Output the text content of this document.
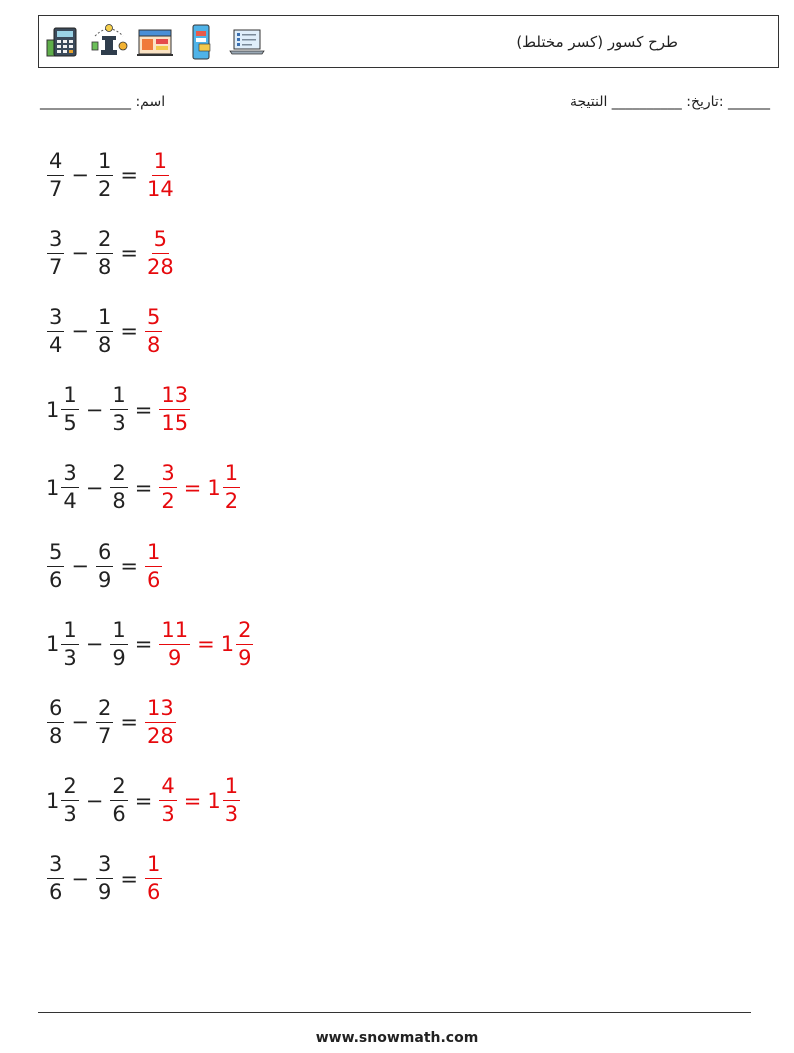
طرح كسور (كسر مختلط)
اسم: _____________	______ :تاريخ: __________ النتيجة
$\frac{4}{7} - \frac{1}{2} = \frac{1}{14}$
$\frac{3}{7} - \frac{2}{8} = \frac{5}{28}$
$\frac{3}{4} - \frac{1}{8} = \frac{5}{8}$
$1 \frac{1}{5} - \frac{1}{3} = \frac{13}{15}$
$1 \frac{3}{4} - \frac{2}{8} = \frac{3}{2} = 1 \frac{1}{2}$
$\frac{5}{6} - \frac{6}{9} = \frac{1}{6}$
$1 \frac{1}{3} - \frac{1}{9} = \frac{11}{9} = 1 \frac{2}{9}$
$\frac{6}{8} - \frac{2}{7} = \frac{13}{28}$
$1 \frac{2}{3} - \frac{2}{6} = \frac{4}{3} = 1 \frac{1}{3}$
$\frac{3}{6} - \frac{3}{9} = \frac{1}{6}$
www.snowmath.com
